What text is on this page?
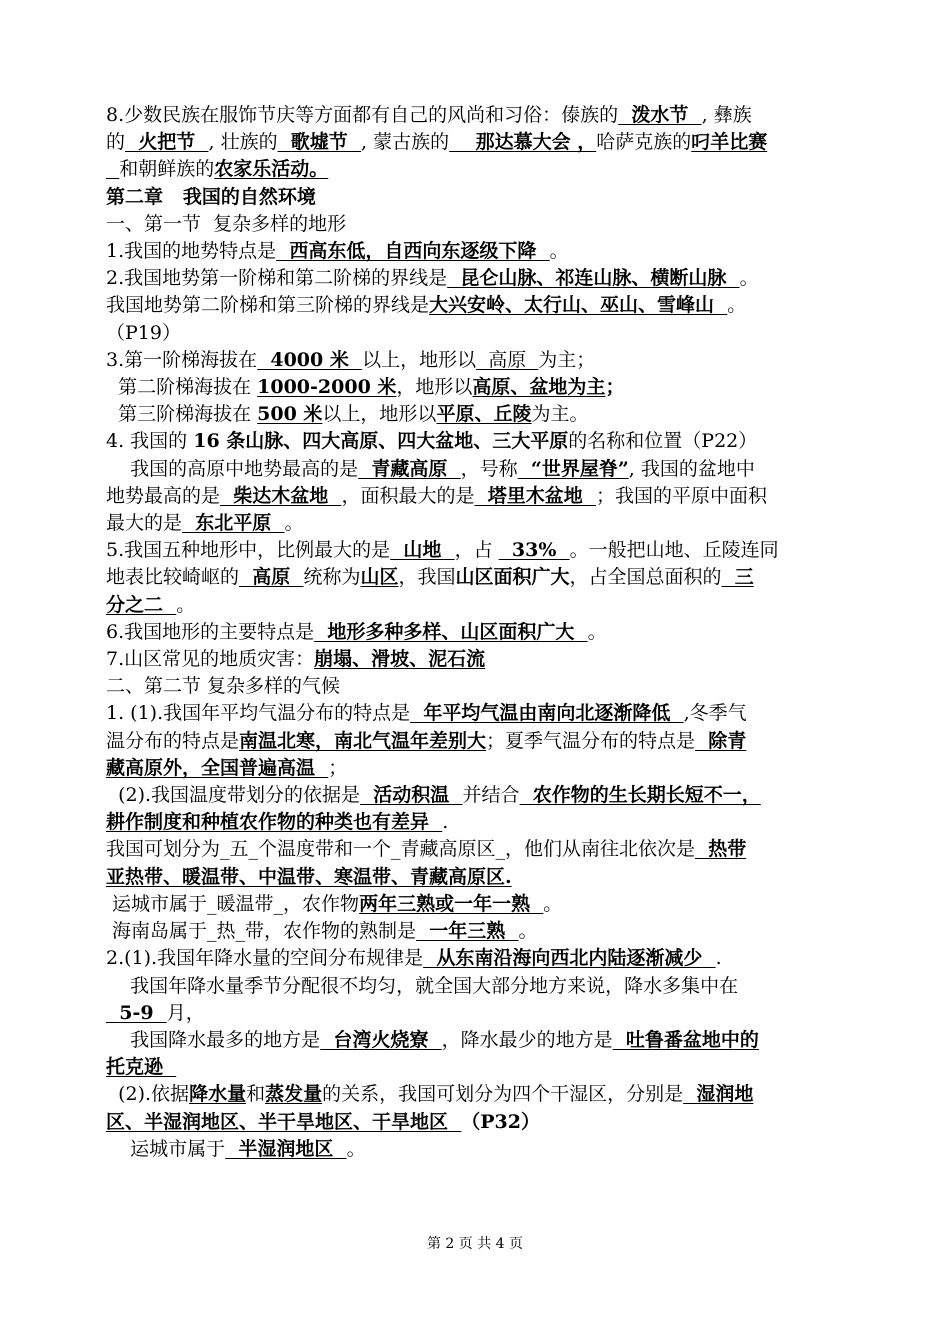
8.少数民族在服饰节庆等方面都有自己的风尚和习俗：傣族的  泼水节  , 彝族

的  火把节  , 壮族的  歌墟节  , 蒙古族的    那达慕大会 ，哈萨克族的叼羊比赛

和朝鲜族的农家乐活动。

第二章   我国的自然环境

一、第一节  复杂多样的地形

1.我国的地势特点是  西高东低，自西向东逐级下降  。

2.我国地势第一阶梯和第二阶梯的界线是  昆仑山脉、祁连山脉、横断山脉  。

我国地势第二阶梯和第三阶梯的界线是大兴安岭、太行山、巫山、雪峰山  。

（P19）

3.第一阶梯海拔在  4000 米  以上，地形以  高原  为主；

第二阶梯海拔在 1000-2000 米，地形以高原、盆地为主；

第三阶梯海拔在 500 米以上，地形以平原、丘陵为主。

4. 我国的 16 条山脉、四大高原、四大盆地、三大平原的名称和位置（P22）

我国的高原中地势最高的是  青藏高原  ，号称  “世界屋脊”, 我国的盆地中

地势最高的是  柴达木盆地  ，面积最大的是  塔里木盆地  ；我国的平原中面积

最大的是  东北平原  。

5.我国五种地形中，比例最大的是  山地  ，占   33%  。一般把山地、丘陵连同

地表比较崎岖的  高原  统称为山区，我国山区面积广大，占全国总面积的  三

分之二  。

6.我国地形的主要特点是  地形多种多样、山区面积广大  。

7.山区常见的地质灾害：崩塌、滑坡、泥石流

二、第二节 复杂多样的气候

1. (1).我国年平均气温分布的特点是  年平均气温由南向北逐渐降低  ,冬季气

温分布的特点是南温北寒，南北气温年差别大；夏季气温分布的特点是  除青

藏高原外，全国普遍高温  ；

(2).我国温度带划分的依据是  活动积温  并结合  农作物的生长期长短不一，

耕作制度和种植农作物的种类也有差异  .

我国可划分为_五_个温度带和一个_青藏高原区_，他们从南往北依次是  热带

亚热带、暖温带、中温带、寒温带、青藏高原区.

运城市属于_暖温带_，农作物两年三熟或一年一熟  。

海南岛属于_热_带，农作物的熟制是  一年三熟  。

2.(1).我国年降水量的空间分布规律是  从东南沿海向西北内陆逐渐减少  .

我国年降水量季节分配很不均匀，就全国大部分地方来说，降水多集中在

5-9  月，

我国降水最多的地方是  台湾火烧寮  ，降水最少的地方是  吐鲁番盆地中的

托克逊

(2).依据降水量和蒸发量的关系，我国可划分为四个干湿区，分别是  湿润地

区、半湿润地区、半干旱地区、干旱地区  （P32）

运城市属于  半湿润地区  。

第 2 页 共 4 页
